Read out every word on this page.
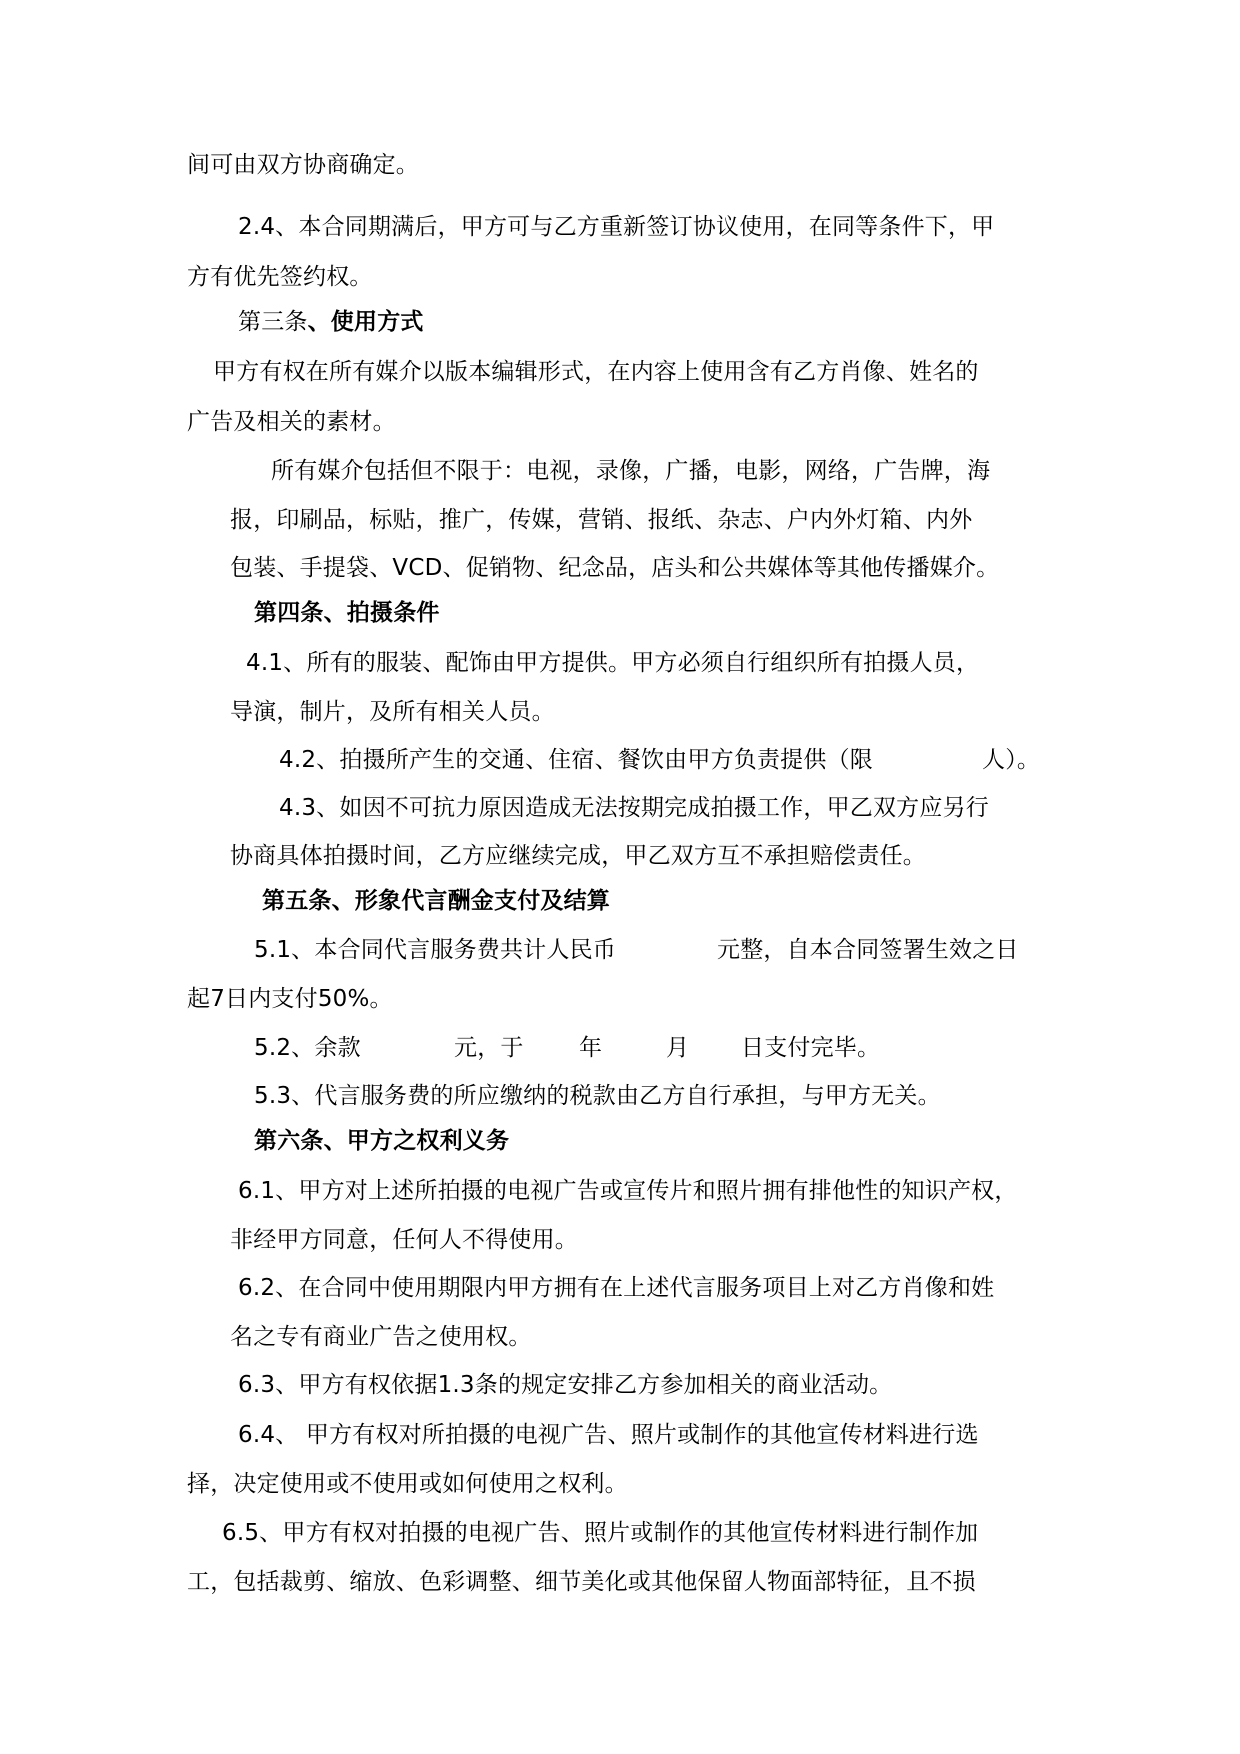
间可由双方协商确定。
2.4、本合同期满后，甲方可与乙方重新签订协议使用，在同等条件下，甲
方有优先签约权。
第三条、使用方式
甲方有权在所有媒介以版本编辑形式，在内容上使用含有乙方肖像、姓名的
广告及相关的素材。
所有媒介包括但不限于：电视，录像，广播，电影，网络，广告牌，海
报，印刷品，标贴，推广，传媒，营销、报纸、杂志、户内外灯箱、内外
包装、手提袋、VCD、促销物、纪念品，店头和公共媒体等其他传播媒介。
第四条、拍摄条件
4.1、所有的服装、配饰由甲方提供。甲方必须自行组织所有拍摄人员，
导演，制片，及所有相关人员。
4.2、拍摄所产生的交通、住宿、餐饮由甲方负责提供（限	人）。
4.3、如因不可抗力原因造成无法按期完成拍摄工作，甲乙双方应另行
协商具体拍摄时间，乙方应继续完成，甲乙双方互不承担赔偿责任。
第五条、形象代言酬金支付及结算
5.1、本合同代言服务费共计人民币	元整，自本合同签署生效之日
起7日内支付50%。
5.2、余款	元，于 年	月 日支付完毕。
5.3、代言服务费的所应缴纳的税款由乙方自行承担，与甲方无关。
第六条、甲方之权利义务
6.1、甲方对上述所拍摄的电视广告或宣传片和照片拥有排他性的知识产权，
非经甲方同意，任何人不得使用。
6.2、在合同中使用期限内甲方拥有在上述代言服务项目上对乙方肖像和姓
名之专有商业广告之使用权。
6.3、甲方有权依据1.3条的规定安排乙方参加相关的商业活动。
6.4、 甲方有权对所拍摄的电视广告、照片或制作的其他宣传材料进行选
择，决定使用或不使用或如何使用之权利。
6.5、甲方有权对拍摄的电视广告、照片或制作的其他宣传材料进行制作加
工，包括裁剪、缩放、色彩调整、细节美化或其他保留人物面部特征，且不损
